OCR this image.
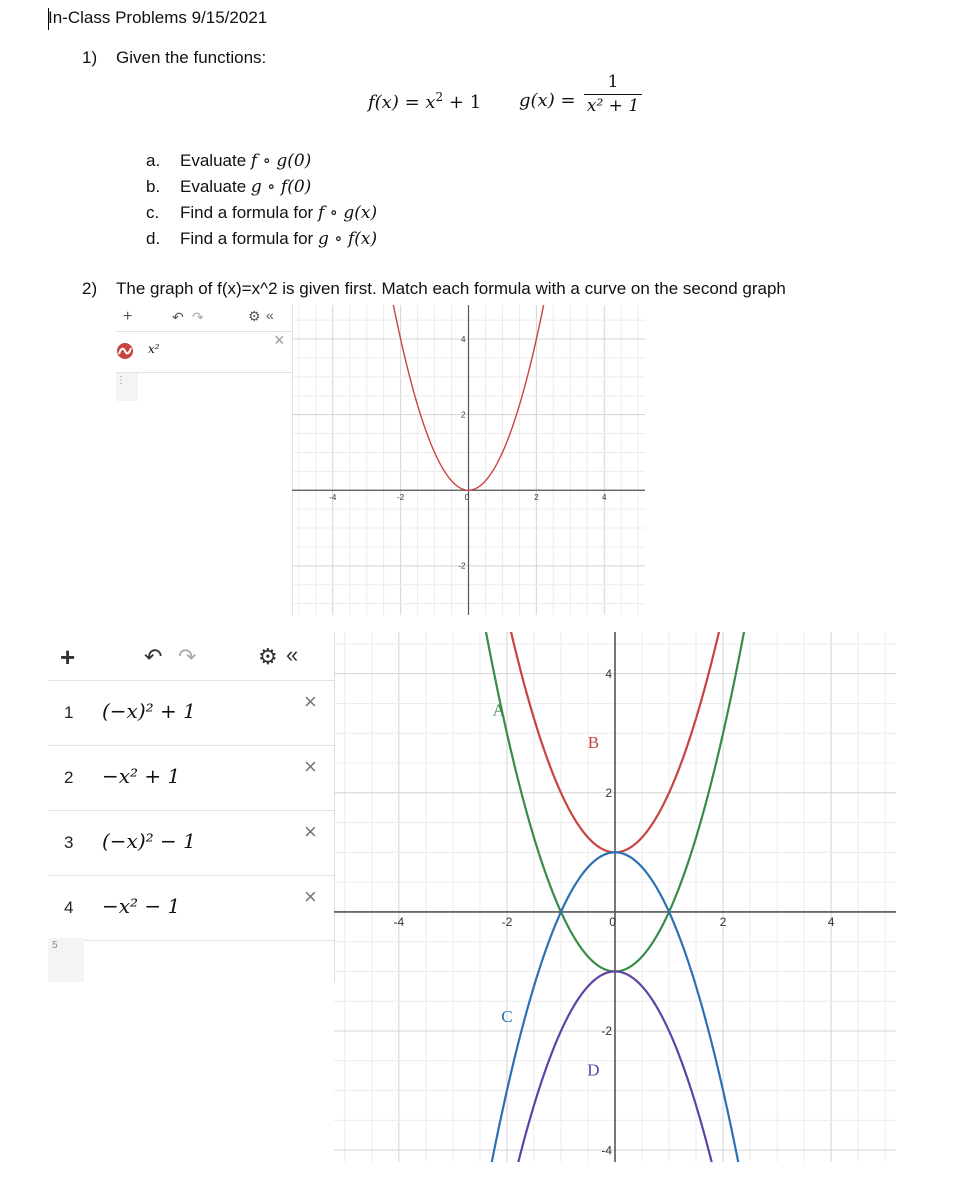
In-Class Problems 9/15/2021
1) Given the functions:
$f(x) = x^2 + 1$ $g(x) = \frac{1}{\text{x² + 1}}$
a. Evaluate f ∘ g(0)
b. Evaluate g ∘ f(0)
c. Find a formula for f ∘ g(x)
d. Find a formula for g ∘ f(x)
2) The graph of f(x)=x^2 is given first. Match each formula with a curve on the second graph
+	↶ ↷	⚙ «
x²	×
⋮
-4	-2	0	2	4
-2
2
4
+	↶ ↷	⚙ «
1 (−x)² + 1	×
2 −x² + 1	×
3 (−x)² − 1	×
4 −x² − 1	×
5
-4	-2	0	2	4
-4
-2
2
4
A
B
C
D
